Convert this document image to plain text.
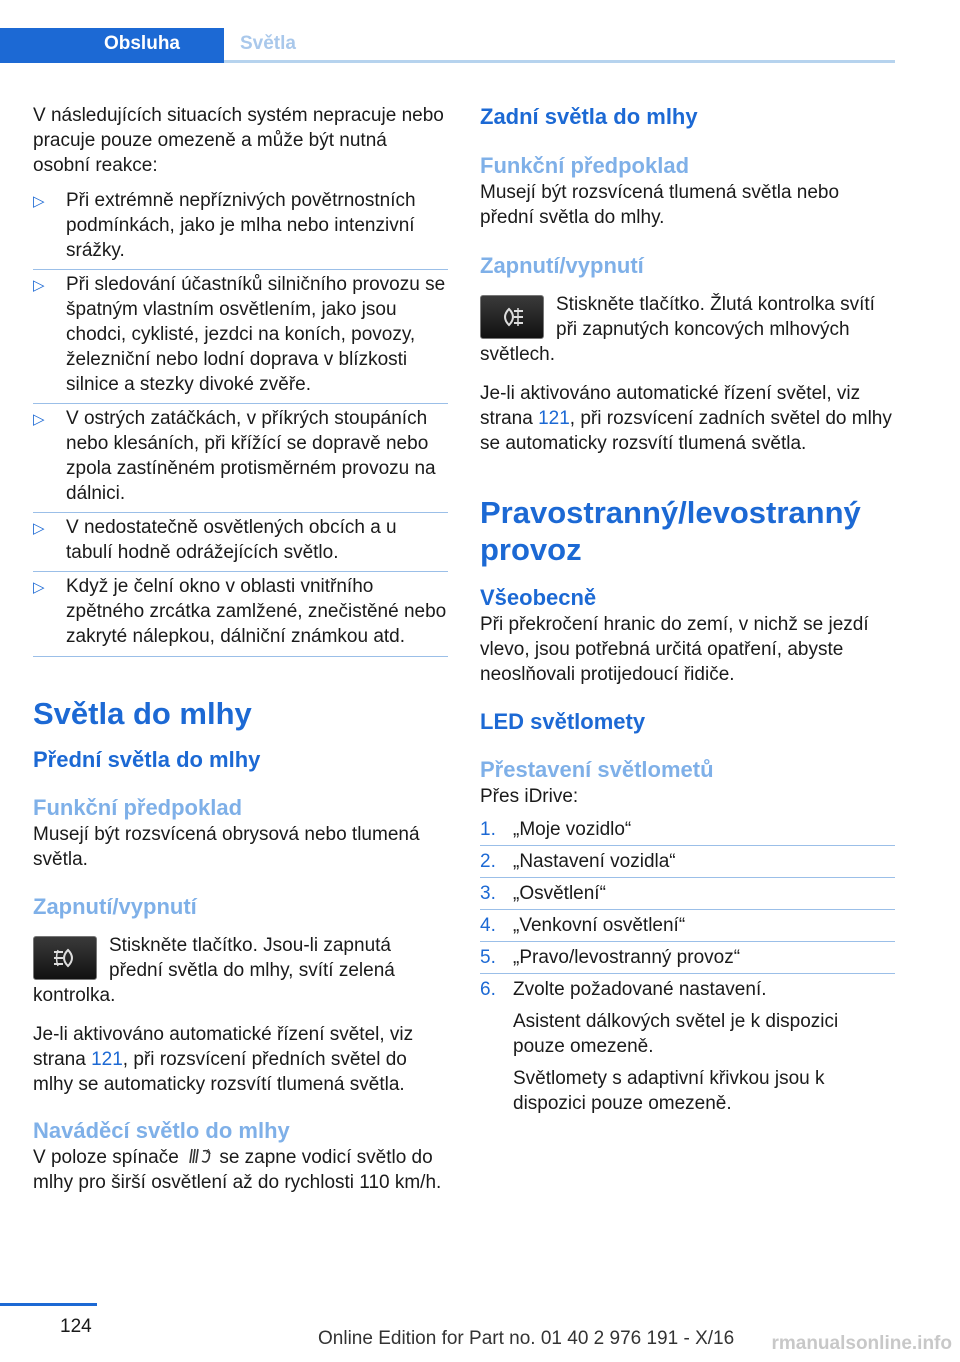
Obsluha	Světla

V následujících situacích systém nepracuje nebo pracuje pouze omezeně a může být nutná osobní reakce:

▷ Při extrémně nepříznivých povětrnostních podmínkách, jako je mlha nebo intenzivní srážky.
▷ Při sledování účastníků silničního provozu se špatným vlastním osvětlením, jako jsou chodci, cyklisté, jezdci na koních, povozy, železniční nebo lodní doprava v blízkosti silnice a stezky divoké zvěře.
▷ V ostrých zatáčkách, v příkrých stoupáních nebo klesáních, při křížící se dopravě nebo zpola zastíněném protisměrném provozu na dálnici.
▷ V nedostatečně osvětlených obcích a u tabulí hodně odrážejících světlo.
▷ Když je čelní okno v oblasti vnitřního zpětného zrcátka zamlžené, znečistěné nebo zakryté nálepkou, dálniční známkou atd.
Světla do mlhy
Přední světla do mlhy
Funkční předpoklad

Musejí být rozsvícená obrysová nebo tlumená světla.

Zapnutí/vypnutí

Stiskněte tlačítko. Jsou-li zapnutá přední světla do mlhy, svítí zelená kontrolka.

Je-li aktivováno automatické řízení světel, viz strana 121, při rozsvícení předních světel do mlhy se automaticky rozsvítí tlumená světla.

Naváděcí světlo do mlhy

V poloze spínače	A se zapne vodicí světlo do mlhy pro širší osvětlení až do rychlosti 110 km/h.

Zadní světla do mlhy
Funkční předpoklad

Musejí být rozsvícená tlumená světla nebo přední světla do mlhy.

Zapnutí/vypnutí

Stiskněte tlačítko. Žlutá kontrolka svítí při zapnutých koncových mlhových světlech.

Je-li aktivováno automatické řízení světel, viz strana 121, při rozsvícení zadních světel do mlhy se automaticky rozsvítí tlumená světla.

Pravostranný/levostranný provoz
Všeobecně

Při překročení hranic do zemí, v nichž se jezdí vlevo, jsou potřebná určitá opatření, abyste neoslňovali protijedoucí řidiče.

LED světlomety
Přestavení světlometů

Přes iDrive:

1. „Moje vozidlo“
2. „Nastavení vozidla“
3. „Osvětlení“
4. „Venkovní osvětlení“
5. „Pravo/levostranný provoz“
6. Zvolte požadované nastavení.

Asistent dálkových světel je k dispozici pouze omezeně.

Světlomety s adaptivní křivkou jsou k dispozici pouze omezeně.

124
Online Edition for Part no. 01 40 2 976 191 - X/16 rmanualsonline.info
